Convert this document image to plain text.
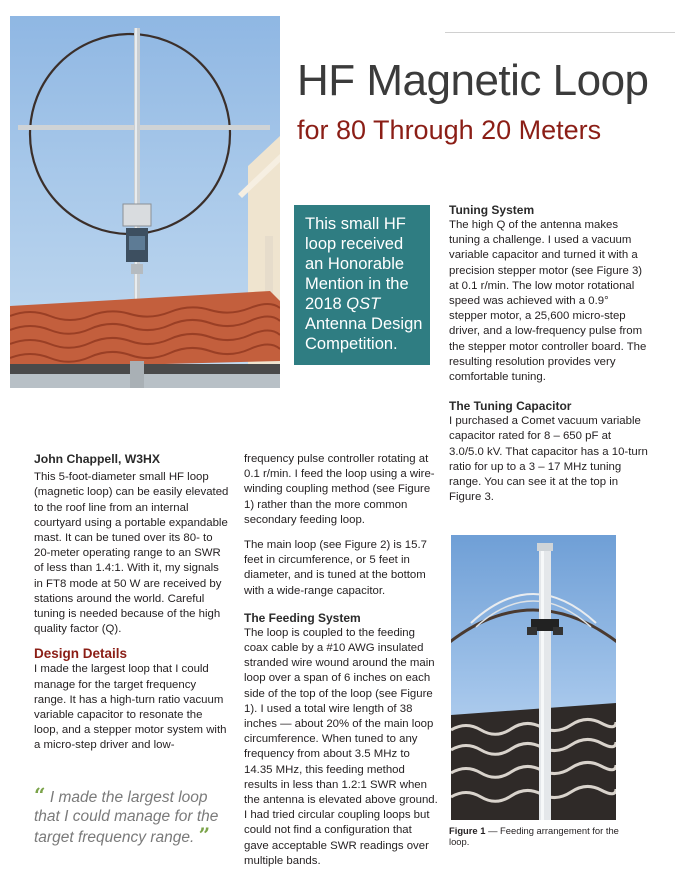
HF Magnetic Loop
for 80 Through 20 Meters
This small HF loop received an Honorable Mention in the 2018 QST Antenna Design Competition.

John Chappell, W3HX

This 5-foot-diameter small HF loop (magnetic loop) can be easily elevated to the roof line from an internal courtyard using a portable expandable mast. It can be tuned over its 80- to 20-meter operating range to an SWR of less than 1.4:1. With it, my signals in FT8 mode at 50 W are received by stations around the world. Careful tuning is needed because of the high quality factor (Q).

Design Details

I made the largest loop that I could manage for the target frequency range. It has a high-turn ratio vacuum variable capacitor to resonate the loop, and a stepper motor system with a micro-step driver and low-

“ I made the largest loop that I could manage for the target frequency range. ”

frequency pulse controller rotating at 0.1 r/min. I feed the loop using a wire-winding coupling method (see Figure 1) rather than the more common secondary feeding loop.

The main loop (see Figure 2) is 15.7 feet in circumference, or 5 feet in diameter, and is tuned at the bottom with a wide-range capacitor.

The Feeding System

The loop is coupled to the feeding coax cable by a #10 AWG insulated stranded wire wound around the main loop over a span of 6 inches on each side of the top of the loop (see Figure 1). I used a total wire length of 38 inches — about 20% of the main loop circumference. When tuned to any frequency from about 3.5 MHz to 14.35 MHz, this feeding method results in less than 1.2:1 SWR when the antenna is elevated above ground. I had tried circular coupling loops but could not find a configuration that gave acceptable SWR readings over multiple bands.

Tuning System

The high Q of the antenna makes tuning a challenge. I used a vacuum variable capacitor and turned it with a precision stepper motor (see Figure 3) at 0.1 r/min. The low motor rotational speed was achieved with a 0.9° stepper motor, a 25,600 micro-step driver, and a low-frequency pulse from the stepper motor controller board. The resulting resolution provides very comfortable tuning.

The Tuning Capacitor

I purchased a Comet vacuum variable capacitor rated for 8 – 650 pF at 3.0/5.0 kV. That capacitor has a 10-turn ratio for up to a 3 – 17 MHz tuning range. You can see it at the top in Figure 3.

Figure 1 — Feeding arrangement for the loop.
